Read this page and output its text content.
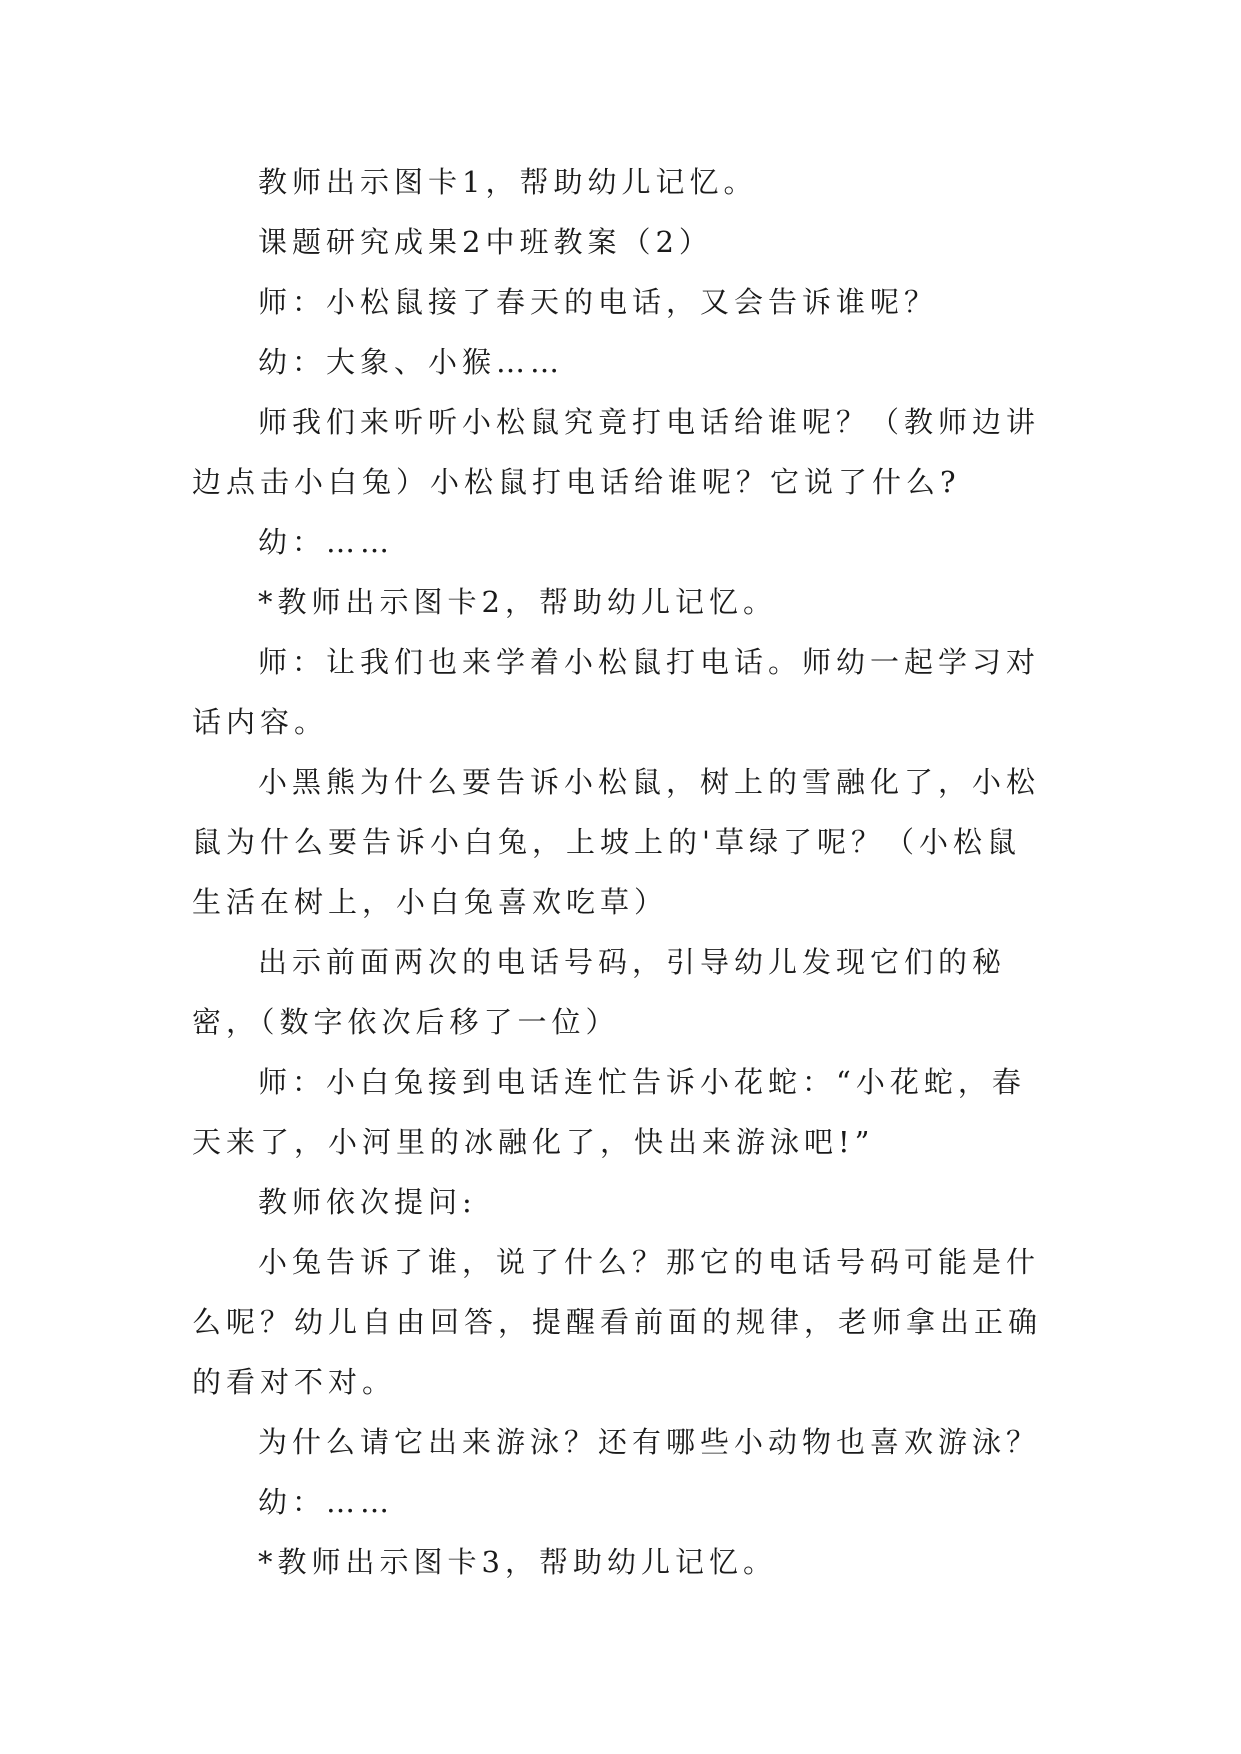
教师出示图卡1，帮助幼儿记忆。

课题研究成果2中班教案（2）

师：小松鼠接了春天的电话，又会告诉谁呢？

幼：大象、小猴……

师我们来听听小松鼠究竟打电话给谁呢？（教师边讲边点击小白兔）小松鼠打电话给谁呢？它说了什么?

幼：……

*教师出示图卡2，帮助幼儿记忆。

师：让我们也来学着小松鼠打电话。师幼一起学习对话内容。

小黑熊为什么要告诉小松鼠，树上的雪融化了，小松鼠为什么要告诉小白兔，上坡上的'草绿了呢？（小松鼠生活在树上，小白兔喜欢吃草）

出示前面两次的电话号码，引导幼儿发现它们的秘密，（数字依次后移了一位）

师：小白兔接到电话连忙告诉小花蛇：“小花蛇，春天来了，小河里的冰融化了，快出来游泳吧!”

教师依次提问:

小兔告诉了谁，说了什么？那它的电话号码可能是什么呢？幼儿自由回答，提醒看前面的规律，老师拿出正确的看对不对。

为什么请它出来游泳？还有哪些小动物也喜欢游泳？

幼：……

*教师出示图卡3，帮助幼儿记忆。
